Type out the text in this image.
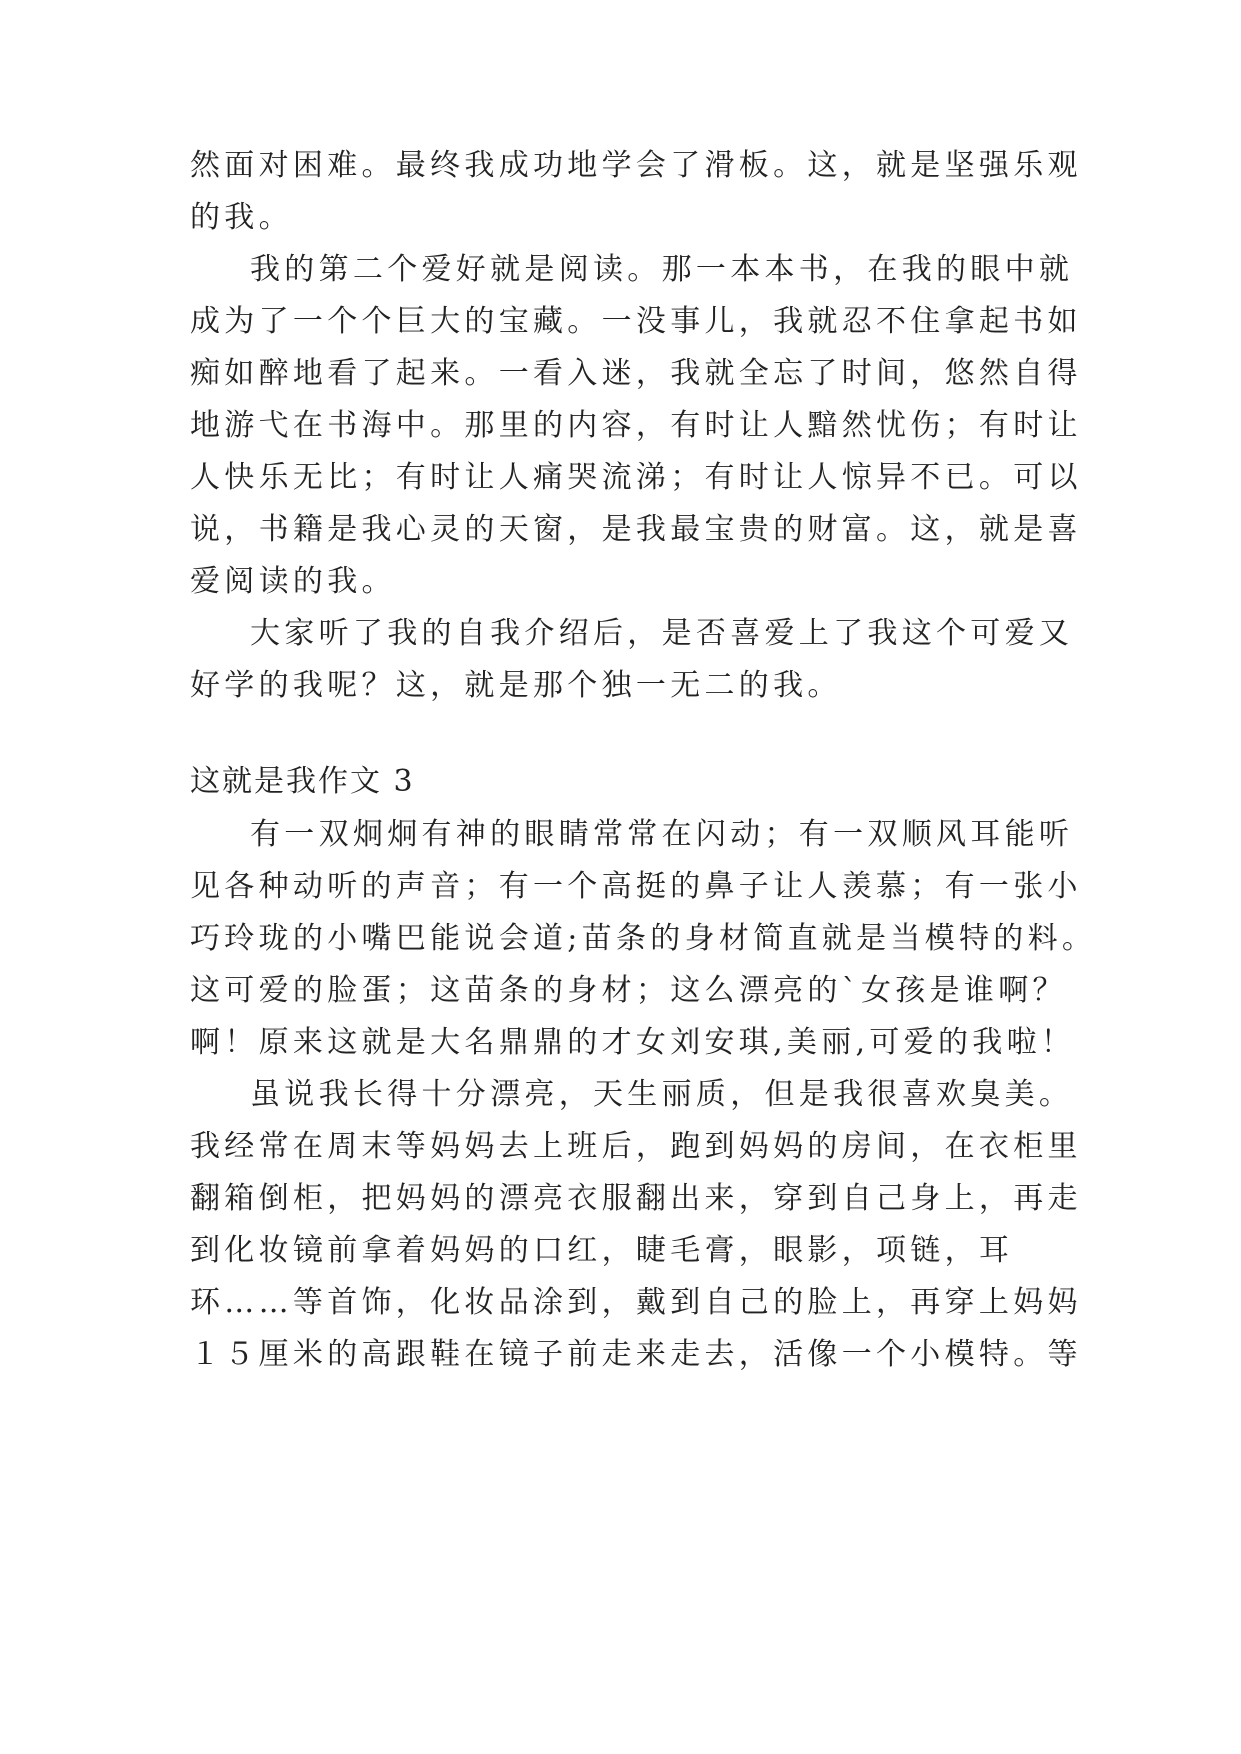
然面对困难。最终我成功地学会了滑板。这，就是坚强乐观
的我。
我的第二个爱好就是阅读。那一本本书，在我的眼中就
成为了一个个巨大的宝藏。一没事儿，我就忍不住拿起书如
痴如醉地看了起来。一看入迷，我就全忘了时间，悠然自得
地游弋在书海中。那里的内容，有时让人黯然忧伤；有时让
人快乐无比；有时让人痛哭流涕；有时让人惊异不已。可以
说，书籍是我心灵的天窗，是我最宝贵的财富。这，就是喜
爱阅读的我。
大家听了我的自我介绍后，是否喜爱上了我这个可爱又
好学的我呢？这，就是那个独一无二的我。
这就是我作文 3
有一双炯炯有神的眼睛常常在闪动；有一双顺风耳能听
见各种动听的声音；有一个高挺的鼻子让人羡慕；有一张小
巧玲珑的小嘴巴能说会道;苗条的身材简直就是当模特的料。
这可爱的脸蛋；这苗条的身材；这么漂亮的`女孩是谁啊？
啊！原来这就是大名鼎鼎的才女刘安琪,美丽,可爱的我啦！
虽说我长得十分漂亮，天生丽质，但是我很喜欢臭美。
我经常在周末等妈妈去上班后，跑到妈妈的房间，在衣柜里
翻箱倒柜，把妈妈的漂亮衣服翻出来，穿到自己身上，再走
到化妆镜前拿着妈妈的口红，睫毛膏，眼影，项链，耳
环……等首饰，化妆品涂到，戴到自己的脸上，再穿上妈妈
１５厘米的高跟鞋在镜子前走来走去，活像一个小模特。等
